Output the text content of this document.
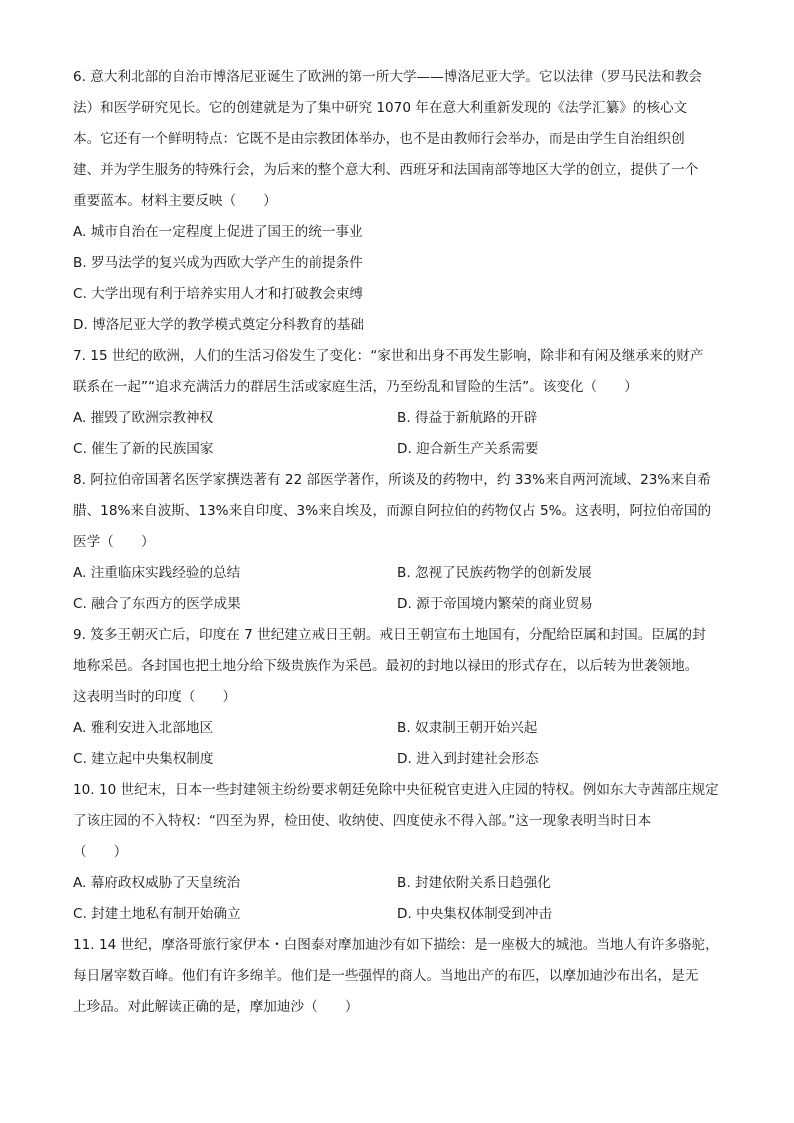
6. 意大利北部的自治市博洛尼亚诞生了欧洲的第一所大学——博洛尼亚大学。它以法律（罗马民法和教会
法）和医学研究见长。它的创建就是为了集中研究 1070 年在意大利重新发现的《法学汇纂》的核心文
本。它还有一个鲜明特点：它既不是由宗教团体举办，也不是由教师行会举办，而是由学生自治组织创
建、并为学生服务的特殊行会，为后来的整个意大利、西班牙和法国南部等地区大学的创立，提供了一个
重要蓝本。材料主要反映（　　）
A. 城市自治在一定程度上促进了国王的统一事业
B. 罗马法学的复兴成为西欧大学产生的前提条件
C. 大学出现有利于培养实用人才和打破教会束缚
D. 博洛尼亚大学的教学模式奠定分科教育的基础
7. 15 世纪的欧洲，人们的生活习俗发生了变化：“家世和出身不再发生影响，除非和有闲及继承来的财产
联系在一起”“追求充满活力的群居生活或家庭生活，乃至纷乱和冒险的生活”。该变化（　　）
A. 摧毁了欧洲宗教神权	B. 得益于新航路的开辟
C. 催生了新的民族国家	D. 迎合新生产关系需要
8. 阿拉伯帝国著名医学家撰迭著有 22 部医学著作，所谈及的药物中，约 33%来自两河流域、23%来自希
腊、18%来自波斯、13%来自印度、3%来自埃及，而源自阿拉伯的药物仅占 5%。这表明，阿拉伯帝国的
医学（　　）
A. 注重临床实践经验的总结	B. 忽视了民族药物学的创新发展
C. 融合了东西方的医学成果	D. 源于帝国境内繁荣的商业贸易
9. 笈多王朝灭亡后，印度在 7 世纪建立戒日王朝。戒日王朝宣布土地国有，分配给臣属和封国。臣属的封
地称采邑。各封国也把土地分给下级贵族作为采邑。最初的封地以禄田的形式存在，以后转为世袭领地。
这表明当时的印度（　　）
A. 雅利安进入北部地区	B. 奴隶制王朝开始兴起
C. 建立起中央集权制度	D. 进入到封建社会形态
10. 10 世纪末，日本一些封建领主纷纷要求朝廷免除中央征税官吏进入庄园的特权。例如东大寺茜部庄规定
了该庄园的不入特权：“四至为界，检田使、收纳使、四度使永不得入部。”这一现象表明当时日本
（　　）
A. 幕府政权威胁了天皇统治	B. 封建依附关系日趋强化
C. 封建土地私有制开始确立	D. 中央集权体制受到冲击
11. 14 世纪，摩洛哥旅行家伊本・白图泰对摩加迪沙有如下描绘：是一座极大的城池。当地人有许多骆驼，
每日屠宰数百峰。他们有许多绵羊。他们是一些强悍的商人。当地出产的布匹，以摩加迪沙布出名，是无
上珍品。对此解读正确的是，摩加迪沙（　　）
